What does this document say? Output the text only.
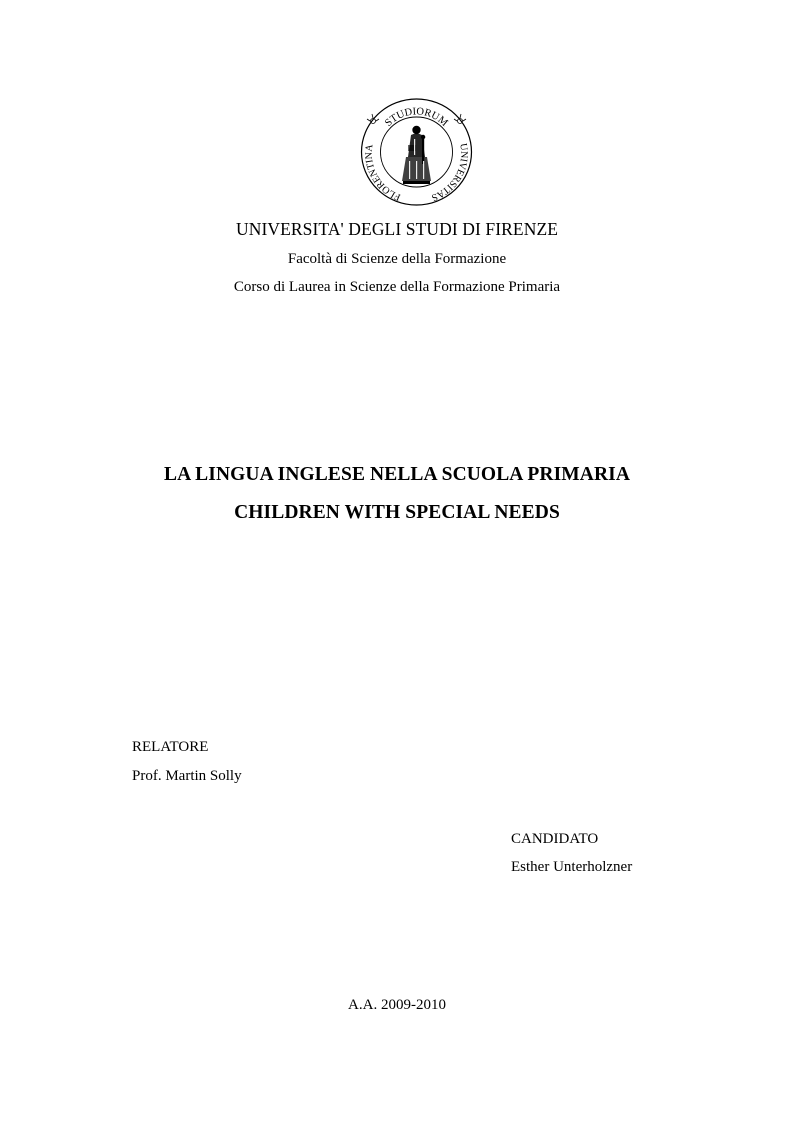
STUDIORUM
FLORENTINA	UNIVERSITAS
UNIVERSITA' DEGLI STUDI DI FIRENZE
Facoltà di Scienze della Formazione
Corso di Laurea in Scienze della Formazione Primaria
LA LINGUA INGLESE NELLA SCUOLA PRIMARIA
CHILDREN WITH SPECIAL NEEDS
RELATORE
Prof. Martin Solly
CANDIDATO
Esther Unterholzner
A.A. 2009-2010
